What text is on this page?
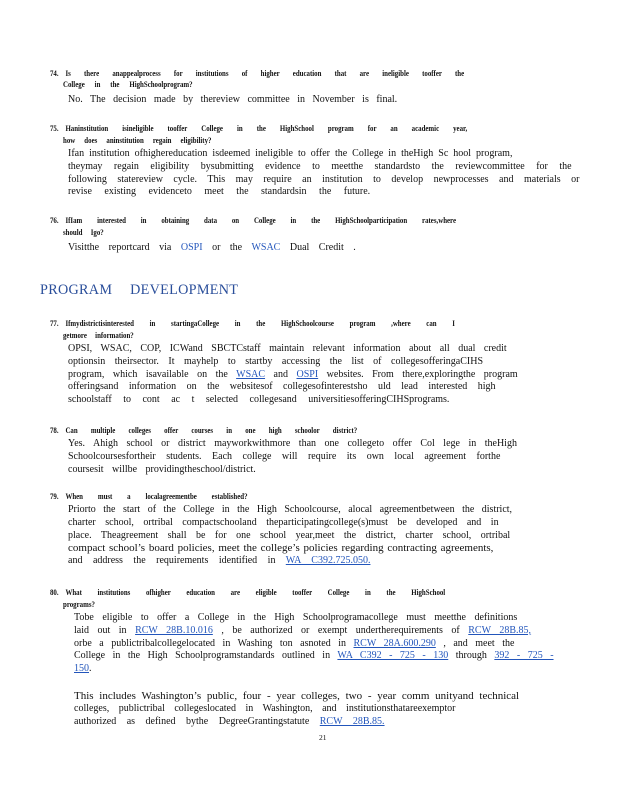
74. Is there anappealprocess for institutions of higher education that are ineligible tooffer the
College in the HighSchoolprogram?
No. The decision made by thereview committee in November is final.
75. Haninstitution isineligible tooffer College in the HighSchool program for an academic year,
how does aninstitution regain eligibility?
Ifan institution ofhighereducation isdeemed ineligible to offer the College in theHigh Sc hool program,
theymay regain eligibility bysubmitting evidence to meetthe standardsto the reviewcommittee for the
following statereview cycle. This may require an institution to develop newprocesses and materials or
revise existing evidenceto meet the standardsin the future.
76. IfIam interested in obtaining data on College in the HighSchoolparticipation rates,where
should Igo?
Visitthe reportcard via OSPI or the WSAC Dual Credit .
PROGRAM DEVELOPMENT
77. Ifmydistrictisinterested in startingaCollege in the HighSchoolcourse program ,where can I
getmore information?
OPSI, WSAC, COP, ICWand SBCTCstaff maintain relevant information about all dual credit
optionsin theirsector. It mayhelp to startby accessing the list of collegesofferingaCIHS
program, which isavailable on the WSAC and OSPI websites. From there,exploringthe program
offeringsand information on the websitesof collegesofinterestsho uld lead interested high
schoolstaff to cont ac t selected collegesand universitiesofferingCIHSprograms.
78. Can multiple colleges offer courses in one high schoolor district?
Yes. Ahigh school or district mayworkwithmore than one collegeto offer Col lege in theHigh
Schoolcoursesfortheir students. Each college will require its own local agreement forthe
coursesit willbe providingtheschool/district.
79. When must a localagreementbe established?
Priorto the start of the College in the High Schoolcourse, alocal agreementbetween the district,
charter school, ortribal compactschooland theparticipatingcollege(s)must be developed and in
place. Theagreement shall be for one school year,meet the district, charter school, ortribal
compact school’s board policies, meet the college’s policies regarding contracting agreements,
and address the requirements identified in WA C392.725.050.
80. What institutions ofhigher education are eligible tooffer College in the HighSchool
programs?
Tobe eligible to offer a College in the High Schoolprogramacollege must meetthe definitions
laid out in RCW 28B.10.016 , be authorized or exempt undertherequirements of RCW 28B.85,
orbe a publictribalcollegelocated in Washing ton asnoted in RCW 28A.600.290 , and meet the
College in the High Schoolprogramstandards outlined in WA C392 - 725 - 130 through 392 - 725 -
150.
This includes Washington’s public, four - year colleges, two - year comm unityand technical
colleges, publictribal collegeslocated in Washington, and institutionsthatareexemptor
authorized as defined bythe DegreeGrantingstatute RCW 28B.85.
21
